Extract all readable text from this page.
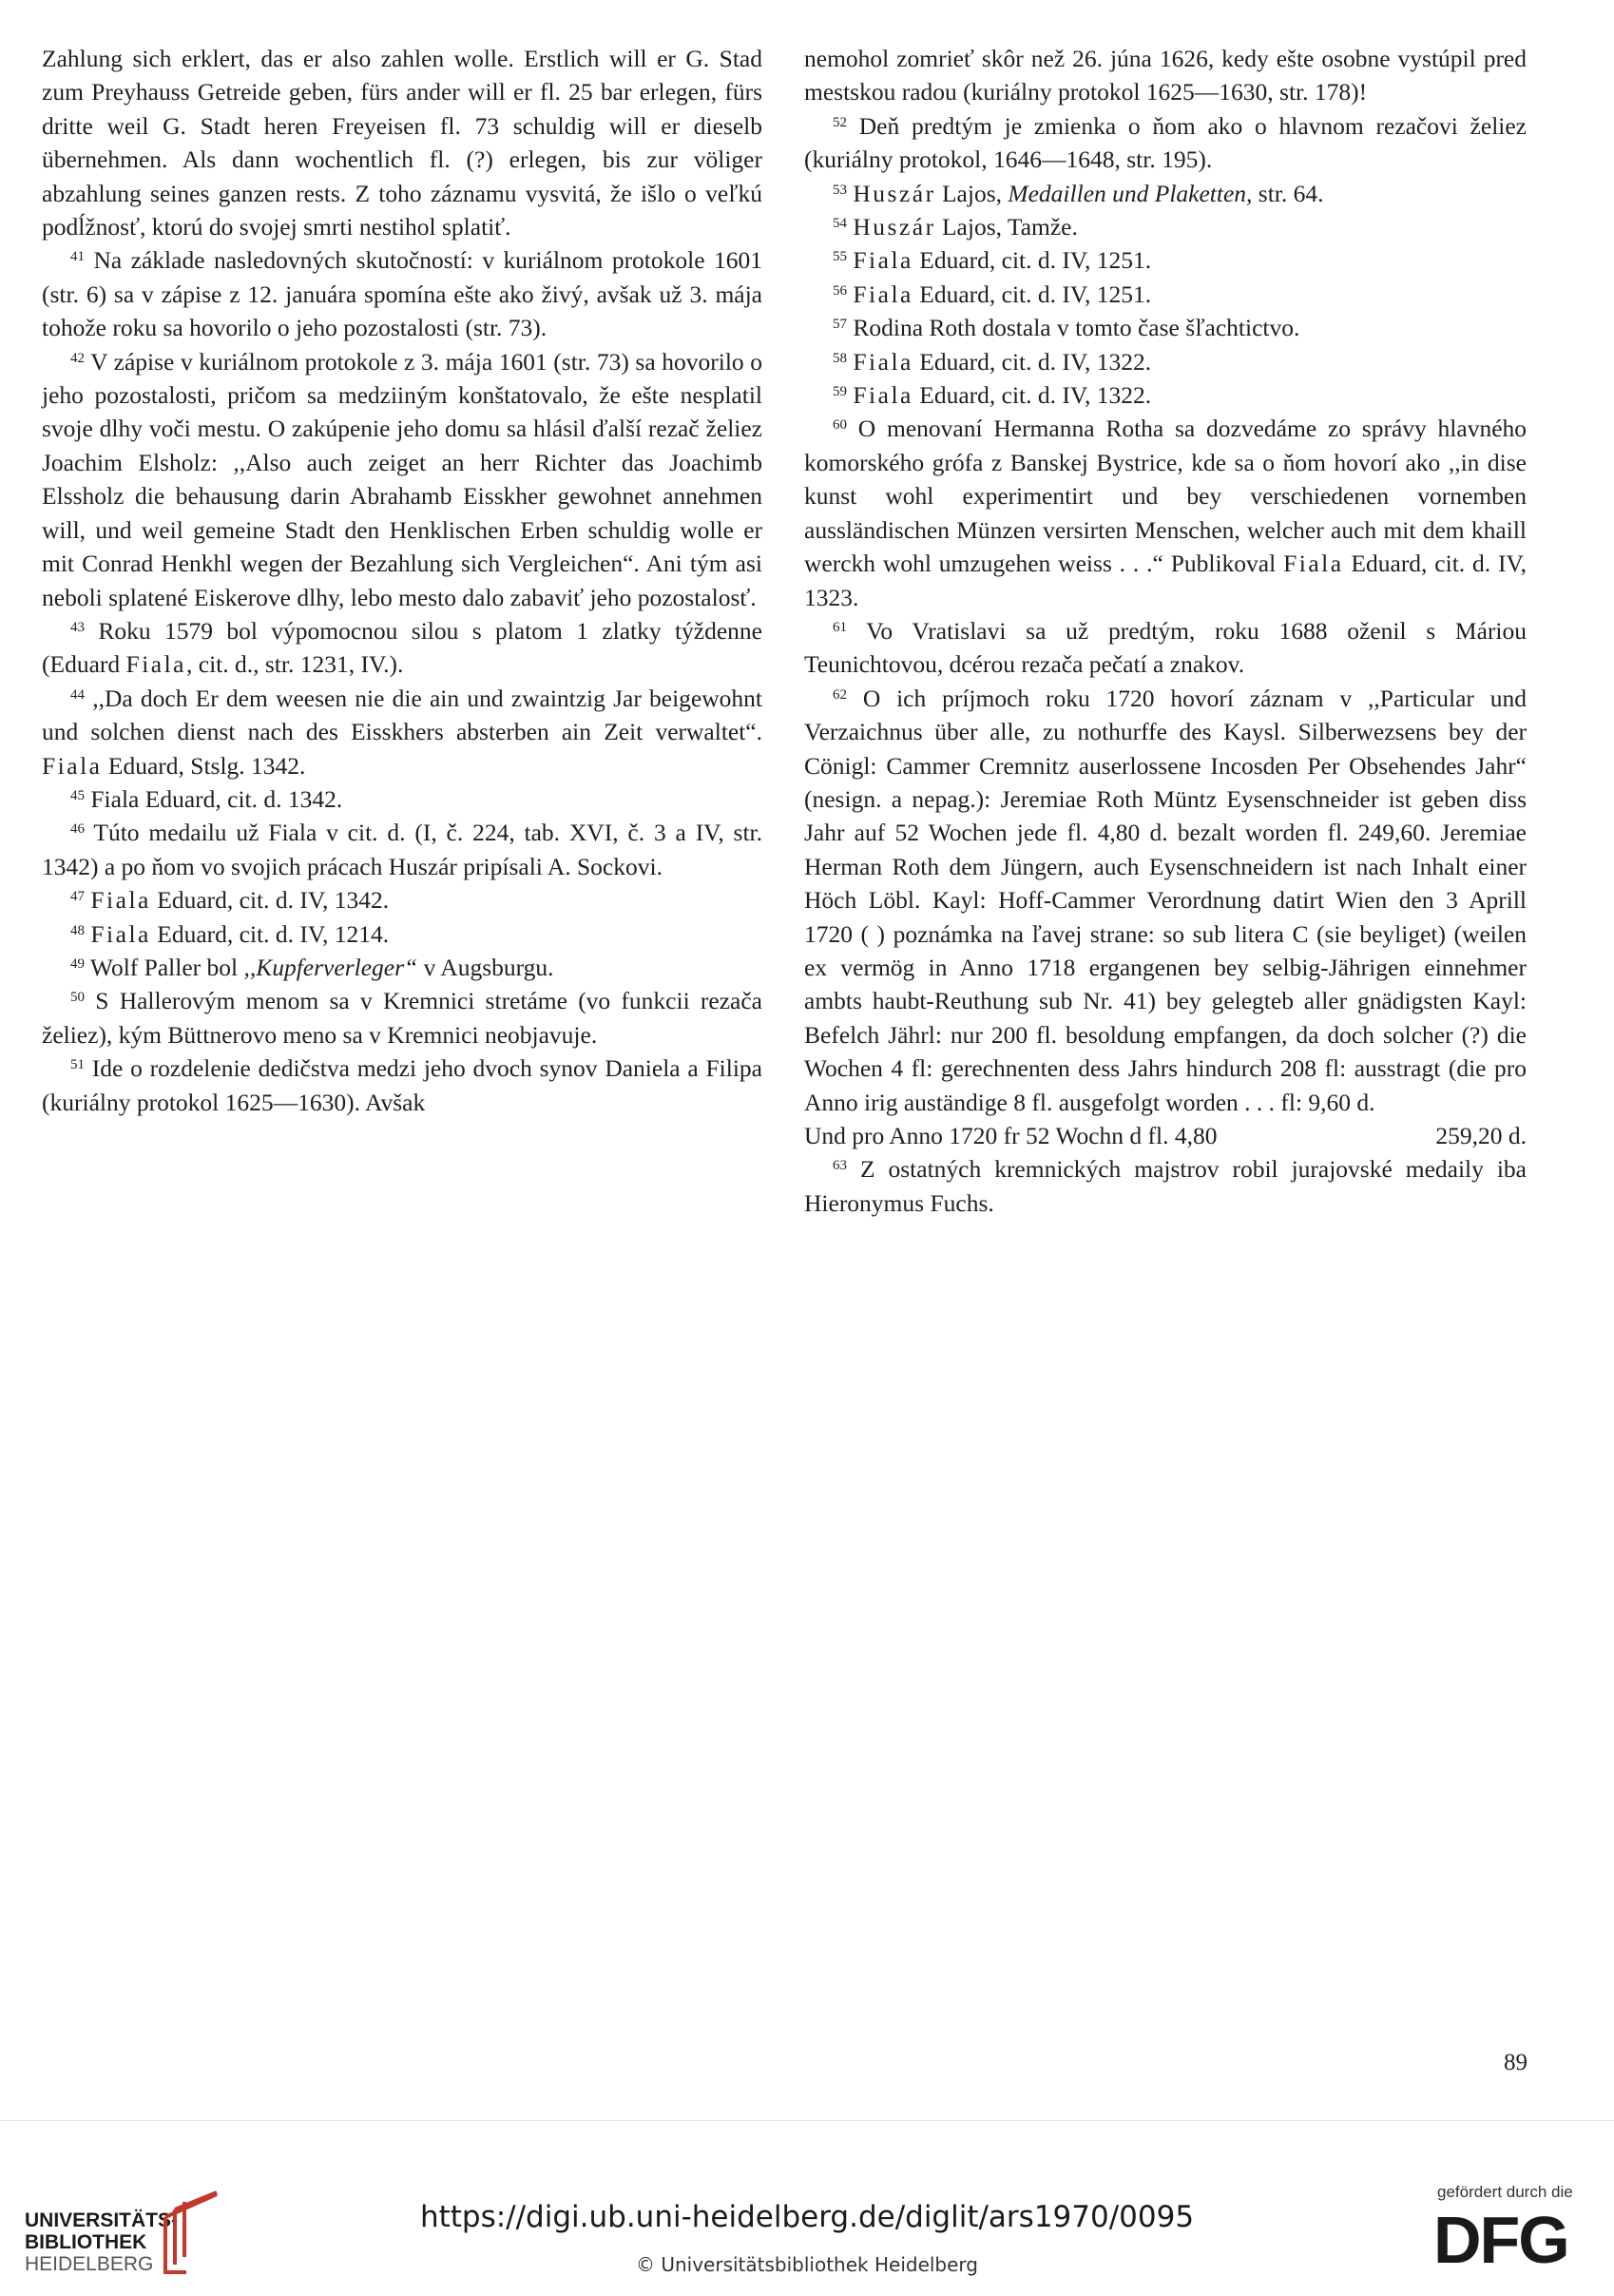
Zahlung sich erklert, das er also zahlen wolle. Erstlich will er G. Stad zum Preyhauss Getreide geben, fürs ander will er fl. 25 bar erlegen, fürs dritte weil G. Stadt heren Freyeisen fl. 73 schuldig will er dieselb übernehmen. Als dann wochentlich fl. (?) erlegen, bis zur völiger abzahlung seines ganzen rests. Z toho záznamu vysvitá, že išlo o veľkú podĺžnosť, ktorú do svojej smrti nestihol splatiť.

$^{41}$ Na základe nasledovných skutočností: v kuriálnom protokole 1601 (str. 6) sa v zápise z 12. januára spomína ešte ako živý, avšak už 3. mája tohože roku sa hovorilo o jeho pozostalosti (str. 73).

$^{42}$ V zápise v kuriálnom protokole z 3. mája 1601 (str. 73) sa hovorilo o jeho pozostalosti, pričom sa medziiným konštatovalo, že ešte nesplatil svoje dlhy voči mestu. O zakúpenie jeho domu sa hlásil ďalší rezač želiez Joachim Elsholz: ,,Also auch zeiget an herr Richter das Joachimb Elssholz die behausung darin Abrahamb Eisskher gewohnet annehmen will, und weil gemeine Stadt den Henklischen Erben schuldig wolle er mit Conrad Henkhl wegen der Bezahlung sich Vergleichen“. Ani tým asi neboli splatené Eiskerove dlhy, lebo mesto dalo zabaviť jeho pozostalosť.

$^{43}$ Roku 1579 bol výpomocnou silou s platom 1 zlatky týždenne (Eduard Fiala, cit. d., str. 1231, IV.).

$^{44}$ ,,Da doch Er dem weesen nie die ain und zwaintzig Jar beigewohnt und solchen dienst nach des Eisskhers absterben ain Zeit verwaltet“. Fiala Eduard, Stslg. 1342.

$^{45}$ Fiala Eduard, cit. d. 1342.

$^{46}$ Túto medailu už Fiala v cit. d. (I, č. 224, tab. XVI, č. 3 a IV, str. 1342) a po ňom vo svojich prácach Huszár pripísali A. Sockovi.

$^{47}$ Fiala Eduard, cit. d. IV, 1342.

$^{48}$ Fiala Eduard, cit. d. IV, 1214.

$^{49}$ Wolf Paller bol ,,Kupferverleger“ v Augsburgu.

$^{50}$ S Hallerovým menom sa v Kremnici stretáme (vo funkcii rezača želiez), kým Büttnerovo meno sa v Kremnici neobjavuje.

$^{51}$ Ide o rozdelenie dedičstva medzi jeho dvoch synov Daniela a Filipa (kuriálny protokol 1625—1630). Avšak

nemohol zomrieť skôr než 26. júna 1626, kedy ešte osobne vystúpil pred mestskou radou (kuriálny protokol 1625—1630, str. 178)!

$^{52}$ Deň predtým je zmienka o ňom ako o hlavnom rezačovi želiez (kuriálny protokol, 1646—1648, str. 195).

$^{53}$ Huszár Lajos, Medaillen und Plaketten, str. 64.

$^{54}$ Huszár Lajos, Tamže.

$^{55}$ Fiala Eduard, cit. d. IV, 1251.

$^{56}$ Fiala Eduard, cit. d. IV, 1251.

$^{57}$ Rodina Roth dostala v tomto čase šľachtictvo.

$^{58}$ Fiala Eduard, cit. d. IV, 1322.

$^{59}$ Fiala Eduard, cit. d. IV, 1322.

$^{60}$ O menovaní Hermanna Rotha sa dozvedáme zo správy hlavného komorského grófa z Banskej Bystrice, kde sa o ňom hovorí ako ,,in dise kunst wohl experimentirt und bey verschiedenen vornemben aussländischen Münzen versirten Menschen, welcher auch mit dem khaill werckh wohl umzugehen weiss . . .“ Publikoval Fiala Eduard, cit. d. IV, 1323.

$^{61}$ Vo Vratislavi sa už predtým, roku 1688 oženil s Máriou Teunichtovou, dcérou rezača pečatí a znakov.

$^{62}$ O ich príjmoch roku 1720 hovorí záznam v ,,Particular und Verzaichnus über alle, zu nothurffe des Kaysl. Silberwezsens bey der Cönigl: Cammer Cremnitz auserlossene Incosden Per Obsehendes Jahr“ (nesign. a nepag.): Jeremiae Roth Müntz Eysenschneider ist geben diss Jahr auf 52 Wochen jede fl. 4,80 d. bezalt worden fl. 249,60. Jeremiae Herman Roth dem Jüngern, auch Eysenschneidern ist nach Inhalt einer Höch Löbl. Kayl: Hoff-Cammer Verordnung datirt Wien den 3 Aprill 1720 ( ) poznámka na ľavej strane: so sub litera C (sie beyliget) (weilen ex vermög in Anno 1718 ergangenen bey selbig-Jährigen einnehmer ambts haubt-Reuthung sub Nr. 41) bey gelegteb aller gnädigsten Kayl: Befelch Jährl: nur 200 fl. besoldung empfangen, da doch solcher (?) die Wochen 4 fl: gerechnenten dess Jahrs hindurch 208 fl: ausstragt (die pro Anno irig auständige 8 fl. ausgefolgt worden . . . fl: 9,60 d.

Und pro Anno 1720 fr 52 Wochn d fl. 4,80	259,20 d.

$^{63}$ Z ostatných kremnických majstrov robil jurajovské medaily iba Hieronymus Fuchs.

89
UNIVERSITÄTS-
BIBLIOTHEK
HEIDELBERG
https://digi.ub.uni-heidelberg.de/diglit/ars1970/0095
© Universitätsbibliothek Heidelberg
gefördert durch die
DFG
